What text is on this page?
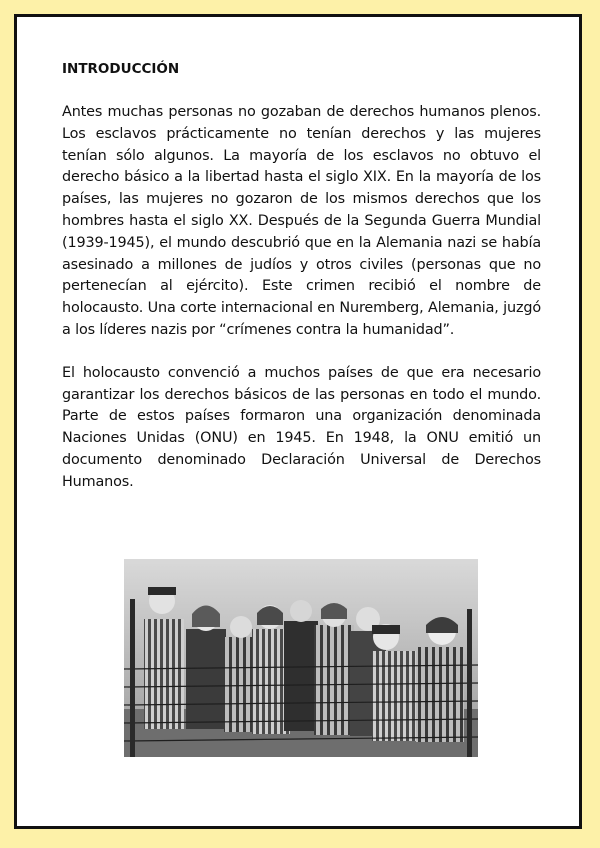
INTRODUCCIÓN

Antes muchas personas no gozaban de derechos humanos plenos. Los esclavos prácticamente no tenían derechos y las mujeres tenían sólo algunos. La mayoría de los esclavos no obtuvo el derecho básico a la libertad hasta el siglo XIX. En la mayoría de los países, las mujeres no gozaron de los mismos derechos que los hombres hasta el siglo XX. Después de la Segunda Guerra Mundial (1939-1945), el mundo descubrió que en la Alemania nazi se había asesinado a millones de judíos y otros civiles (personas que no pertenecían al ejército). Este crimen recibió el nombre de holocausto. Una corte internacional en Nuremberg, Alemania, juzgó a los líderes nazis por “crímenes contra la humanidad”.

El holocausto convenció a muchos países de que era necesario garantizar los derechos básicos de las personas en todo el mundo. Parte de estos países formaron una organización denominada Naciones Unidas (ONU) en 1945. En 1948, la ONU emitió un documento denominado Declaración Universal de Derechos Humanos.
